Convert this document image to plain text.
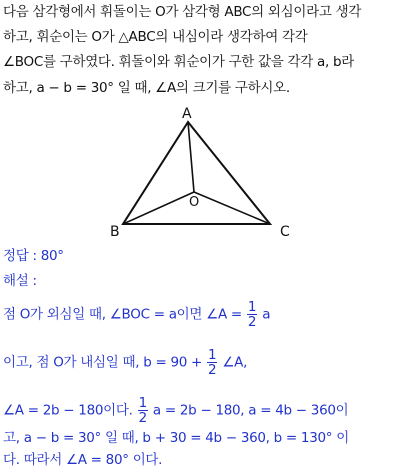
다음 삼각형에서 휘돌이는 O가 삼각형 ABC의 외심이라고 생각
하고, 휘순이는 O가 △ABC의 내심이라 생각하여 각각
∠BOC를 구하였다. 휘돌이와 휘순이가 구한 값을 각각 a, b라
하고, a − b = 30° 일 때, ∠A의 크기를 구하시오.
A
B	C
O
정답 : 80°
해설 :
점 O가 외심일 때, ∠BOC = a이면 ∠A = $\frac{1}{2}$ a
이고, 점 O가 내심일 때, $b = 90 + \frac{1}{2}$ ∠A,
∠A = 2b − 180이다. $\frac{1}{2}$ a = 2b − 180, a = 4b − 360이
고, a − b = 30° 일 때, b + 30 = 4b − 360, b = 130° 이
다. 따라서 ∠A = 80° 이다.
